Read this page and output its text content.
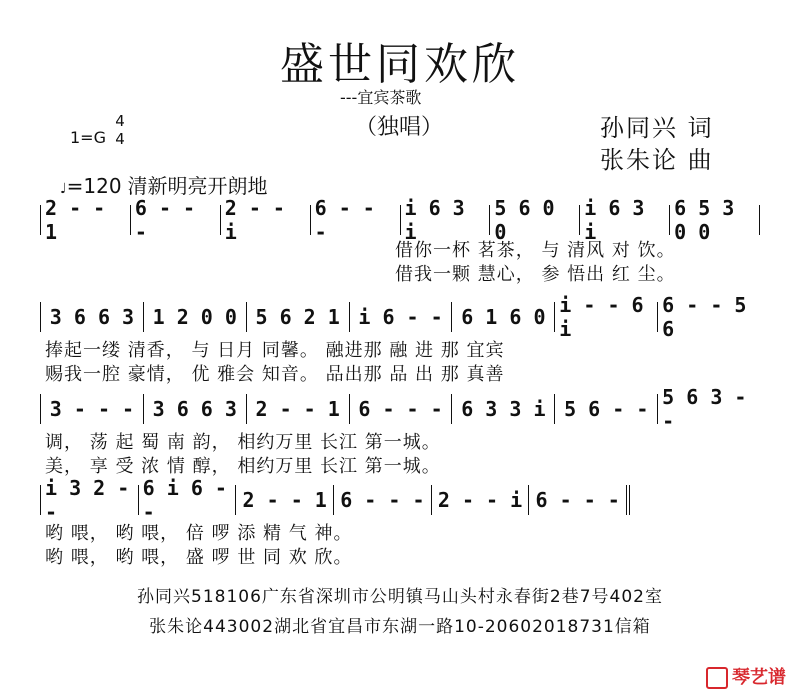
盛世同欢欣
---宜宾茶歌
（独唱）	孙同兴 词
张朱论 曲
1=G
4
4
♩=120 清新明亮开朗地
2 - - 1
6 - - -
2 - - i
6 - - -
i 6 3 i
5 6 0 0
i 6 3 i
6 5 3 0 0
借你一杯 茗茶， 与 清风 对 饮。
借我一颗 慧心， 参 悟出 红 尘。
3 6 6 3 1 2 0 0 5 6 2 1 i 6 - - 6 1 6 0 i - - 6 i
6 - - 5 6
捧起一缕 清香， 与 日月 同馨。 融进那 融 进 那 宜宾
赐我一腔 豪情， 优 雅会 知音。 品出那 品 出 那 真善
3 - - - 3 6 6 3 2 - - 1 6 - - - 6 3 3 i 5 6 - - 5 6 3 - -
调， 荡 起 蜀 南 韵， 相约万里 长江 第一城。
美， 享 受 浓 情 醇， 相约万里 长江 第一城。
i 3 2 - -
6 i 6 - -	2 - - 1 6 - - - 2 - - i 6 - - -
哟 喂， 哟 喂， 倍 啰 添 精 气 神。
哟 喂， 哟 喂， 盛 啰 世 同 欢 欣。
孙同兴518106广东省深圳市公明镇马山头村永春街2巷7号402室
张朱论443002湖北省宜昌市东湖一路10-20602018731信箱
琴艺谱
